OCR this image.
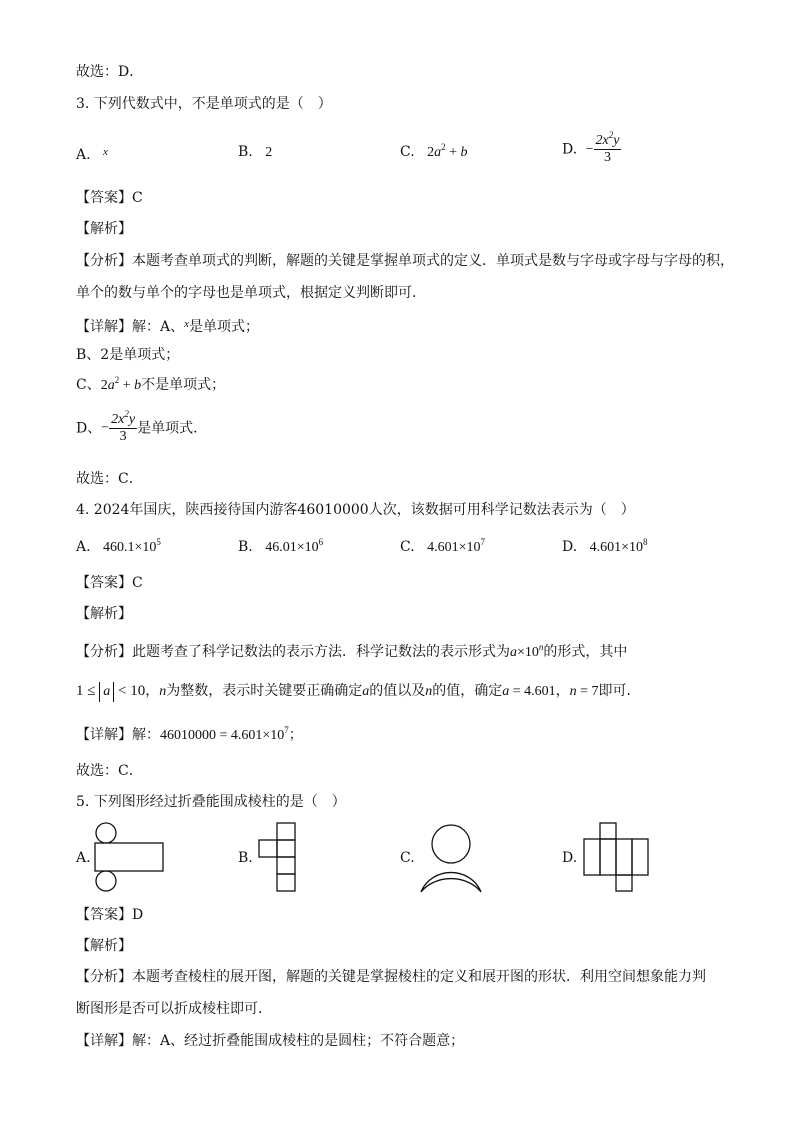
故选：D．
3. 下列代数式中，不是单项式的是（　）
A. $^x$	B. 2	C. $2a^2 + b$	D. − $\frac{2x^2y}{3}$
【答案】C
【解析】
【分析】本题考查单项式的判断，解题的关键是掌握单项式的定义．单项式是数与字母或字母与字母的积，
单个的数与单个的字母也是单项式，根据定义判断即可．
【详解】解：A、$^x$是单项式；
B、2是单项式；
C、$2a^2 + b$不是单项式；
D、− $\frac{2x^2y}{3}$ 是单项式．
故选：C．
4. 2024年国庆，陕西接待国内游客46010000人次，该数据可用科学记数法表示为（　）
A. $460.1\times 10^5$	B. $46.01\times 10^6$	C. $4.601\times 10^7$	D. $4.601\times 10^8$
【答案】C
【解析】
【分析】此题考查了科学记数法的表示方法．科学记数法的表示形式为$a\times 10^n$的形式，其中
1 ≤ a < 10，n为整数，表示时关键要正确确定a的值以及n的值，确定a = 4.601，n = 7即可．
【详解】解：$46010000 = 4.601\times 10^7$；
故选：C．
5. 下列图形经过折叠能围成棱柱的是（　）
A.	B.	C.	D.
【答案】D
【解析】
【分析】本题考查棱柱的展开图，解题的关键是掌握棱柱的定义和展开图的形状．利用空间想象能力判
断图形是否可以折成棱柱即可．
【详解】解：A、经过折叠能围成棱柱的是圆柱；不符合题意；
